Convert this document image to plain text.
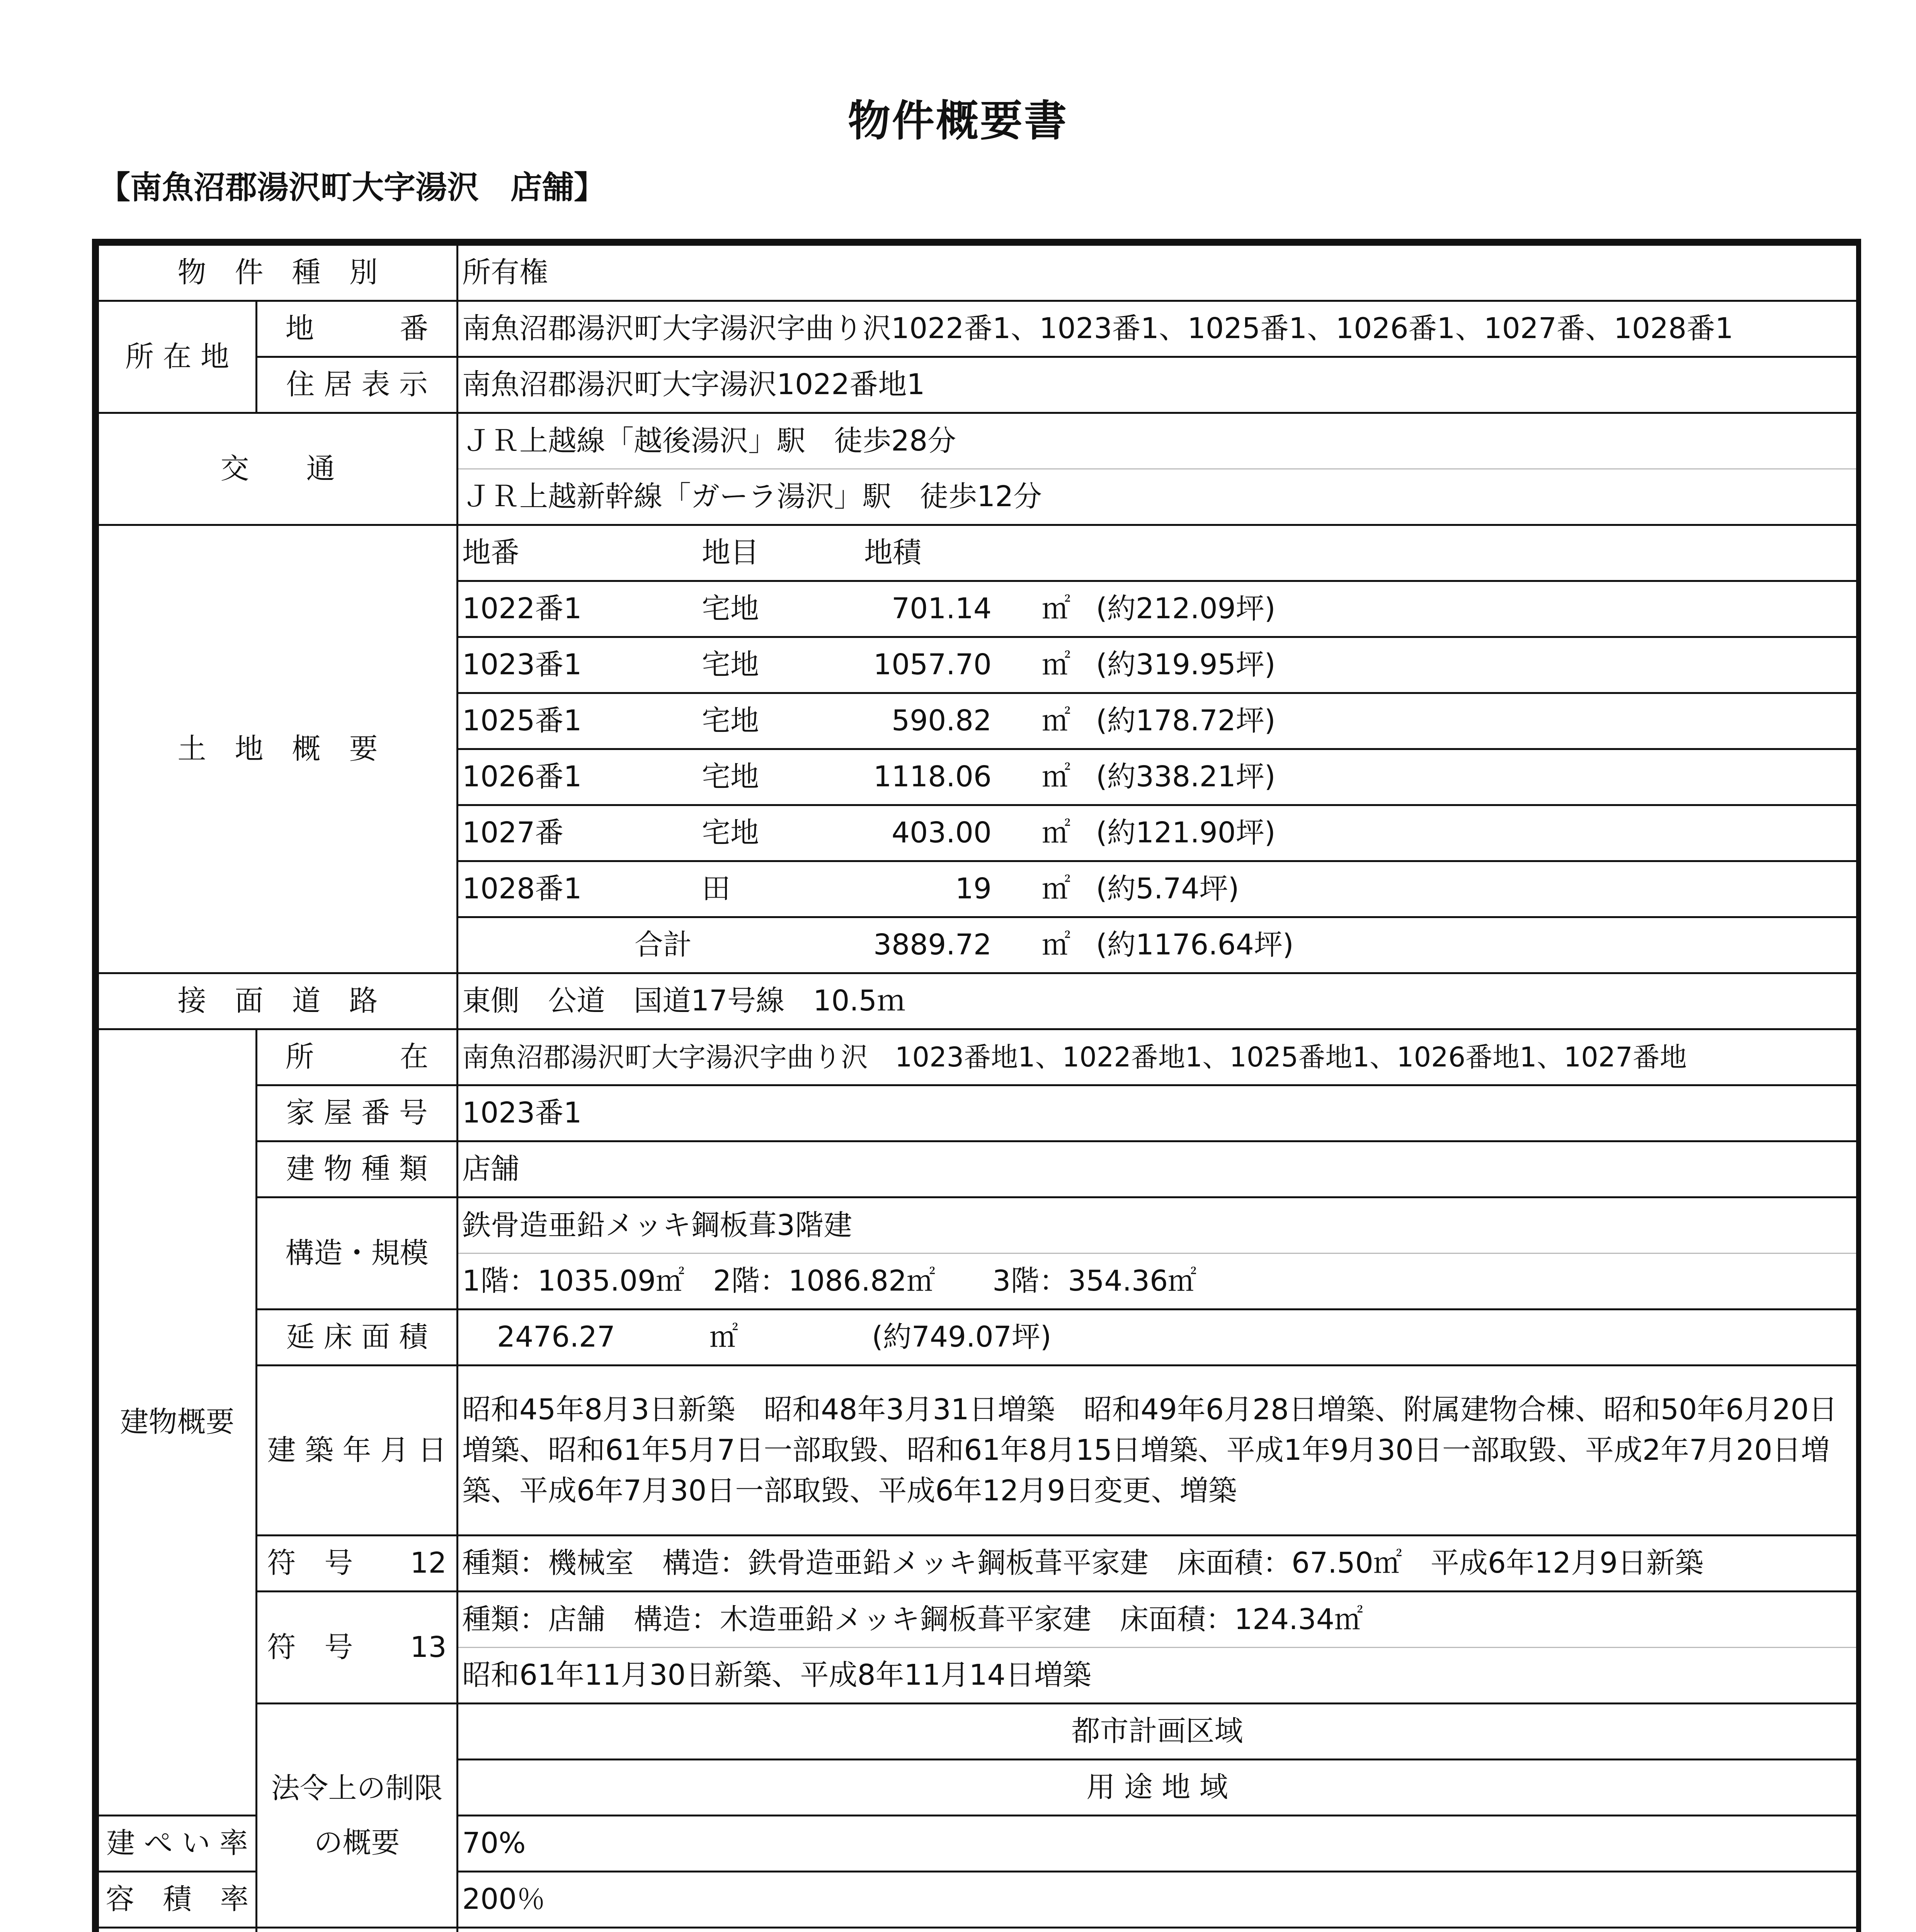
物件概要書
【南魚沼郡湯沢町大字湯沢　店舗】
物　件　種　別		所有権	
所 在 地	地　　　番	南魚沼郡湯沢町大字湯沢字曲り沢1022番1、1023番1、1025番1、1026番1、1027番、1028番1	
	住 居 表 示	南魚沼郡湯沢町大字湯沢1022番地1	
交　　通		ＪＲ上越線「越後湯沢」駅　徒歩28分	
		ＪＲ上越新幹線「ガーラ湯沢」駅　徒歩12分	
土　地　概　要		地番 地目 地積	
		1022番1 宅地 701.14 ㎡ (約212.09坪)	
		1023番1 宅地 1057.70 ㎡ (約319.95坪)	
		1025番1 宅地 590.82 ㎡ (約178.72坪)	
		1026番1 宅地 1118.06 ㎡ (約338.21坪)	
		1027番 宅地 403.00 ㎡ (約121.90坪)	
		1028番1 田 19 ㎡ (約5.74坪)	
		合計 3889.72 ㎡ (約1176.64坪)	
接　面　道　路		東側　公道　国道17号線　10.5ｍ	
建物概要	所　　　在	南魚沼郡湯沢町大字湯沢字曲り沢　1023番地1、1022番地1、1025番地1、1026番地1、1027番地	
	家 屋 番 号	1023番1	
	建 物 種 類	店舗	
	構造・規模	鉄骨造亜鉛メッキ鋼板葺3階建	
		1階：1035.09㎡　2階：1086.82㎡　　3階：354.36㎡	
	延 床 面 積	2476.27 ㎡ (約749.07坪)	
	建 築 年 月 日	昭和45年8月3日新築　昭和48年3月31日増築　昭和49年6月28日増築、附属建物合棟、昭和50年6月20日増築、昭和61年5月7日一部取毀、昭和61年8月15日増築、平成1年9月30日一部取毀、平成2年7月20日増築、平成6年7月30日一部取毀、平成6年12月9日変更、増築	
	符　号　　12	種類：機械室　構造：鉄骨造亜鉛メッキ鋼板葺平家建　床面積：67.50㎡　平成6年12月9日新築	
	符　号　　13	種類：店舗　構造：木造亜鉛メッキ鋼板葺平家建　床面積：124.34㎡	
		昭和61年11月30日新築、平成8年11月14日増築	
	法令上の制限の概要	都市計画区域	
		用 途 地 域	
建 ぺ い 率		70%	
容　積　率		200％	
